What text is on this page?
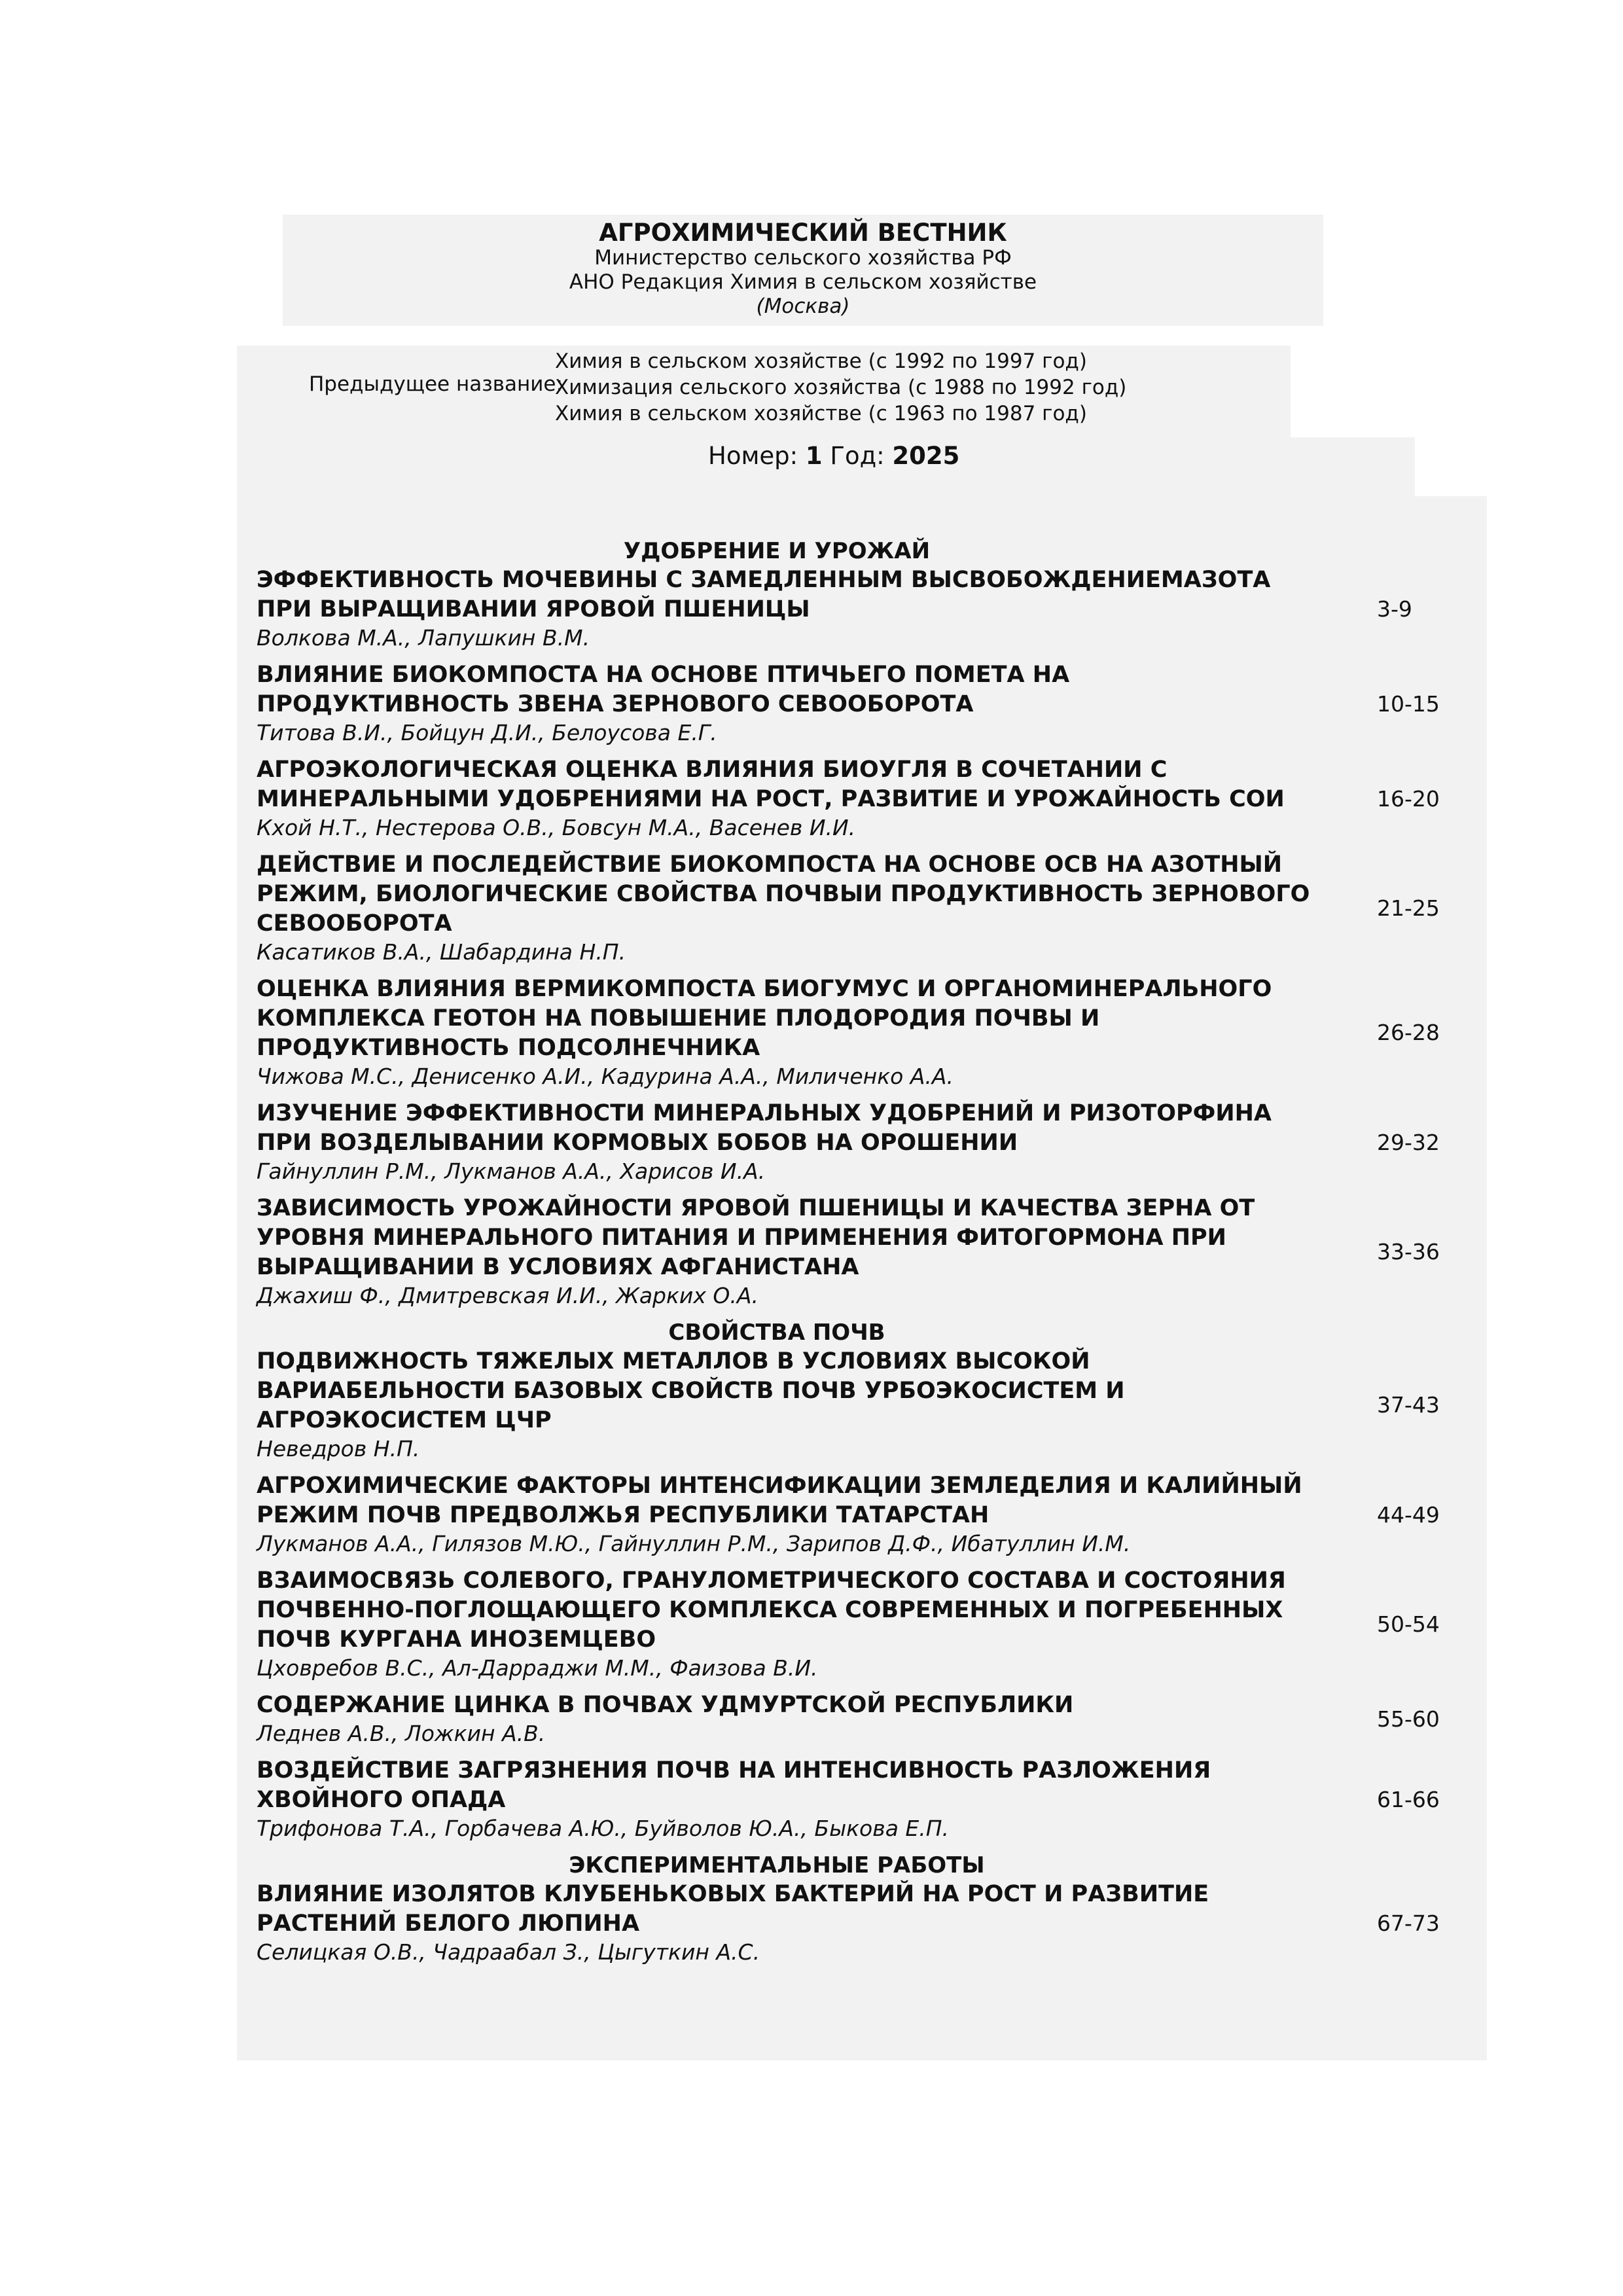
АГРОХИМИЧЕСКИЙ ВЕСТНИК
Министерство сельского хозяйства РФ
АНО Редакция Химия в сельском хозяйстве
(Москва)
Предыдущее название:
Химия в сельском хозяйстве (с 1992 по 1997 год)
Химизация сельского хозяйства (с 1988 по 1992 год)
Химия в сельском хозяйстве (с 1963 по 1987 год)
Номер: 1 Год: 2025
УДОБРЕНИЕ И УРОЖАЙ
ЭФФЕКТИВНОСТЬ МОЧЕВИНЫ С ЗАМЕДЛЕННЫМ ВЫСВОБОЖДЕНИЕМАЗОТА ПРИ ВЫРАЩИВАНИИ ЯРОВОЙ ПШЕНИЦЫ
Волкова М.А., Лапушкин В.М.
3-9
ВЛИЯНИЕ БИОКОМПОСТА НА ОСНОВЕ ПТИЧЬЕГО ПОМЕТА НА ПРОДУКТИВНОСТЬ ЗВЕНА ЗЕРНОВОГО СЕВООБОРОТА
Титова В.И., Бойцун Д.И., Белоусова Е.Г.
10-15
АГРОЭКОЛОГИЧЕСКАЯ ОЦЕНКА ВЛИЯНИЯ БИОУГЛЯ В СОЧЕТАНИИ С МИНЕРАЛЬНЫМИ УДОБРЕНИЯМИ НА РОСТ, РАЗВИТИЕ И УРОЖАЙНОСТЬ СОИ
Кхой Н.Т., Нестерова О.В., Бовсун М.А., Васенев И.И.
16-20
ДЕЙСТВИЕ И ПОСЛЕДЕЙСТВИЕ БИОКОМПОСТА НА ОСНОВЕ ОСВ НА АЗОТНЫЙ РЕЖИМ, БИОЛОГИЧЕСКИЕ СВОЙСТВА ПОЧВЫИ ПРОДУКТИВНОСТЬ ЗЕРНОВОГО СЕВООБОРОТА
Касатиков В.А., Шабардина Н.П.
21-25
ОЦЕНКА ВЛИЯНИЯ ВЕРМИКОМПОСТА БИОГУМУС И ОРГАНОМИНЕРАЛЬНОГО КОМПЛЕКСА ГЕОТОН НА ПОВЫШЕНИЕ ПЛОДОРОДИЯ ПОЧВЫ И ПРОДУКТИВНОСТЬ ПОДСОЛНЕЧНИКА
Чижова М.С., Денисенко А.И., Кадурина А.А., Миличенко А.А.
26-28
ИЗУЧЕНИЕ ЭФФЕКТИВНОСТИ МИНЕРАЛЬНЫХ УДОБРЕНИЙ И РИЗОТОРФИНА ПРИ ВОЗДЕЛЫВАНИИ КОРМОВЫХ БОБОВ НА ОРОШЕНИИ
Гайнуллин Р.М., Лукманов А.А., Харисов И.А.
29-32
ЗАВИСИМОСТЬ УРОЖАЙНОСТИ ЯРОВОЙ ПШЕНИЦЫ И КАЧЕСТВА ЗЕРНА ОТ УРОВНЯ МИНЕРАЛЬНОГО ПИТАНИЯ И ПРИМЕНЕНИЯ ФИТОГОРМОНА ПРИ ВЫРАЩИВАНИИ В УСЛОВИЯХ АФГАНИСТАНА
Джахиш Ф., Дмитревская И.И., Жарких О.А.
33-36
СВОЙСТВА ПОЧВ
ПОДВИЖНОСТЬ ТЯЖЕЛЫХ МЕТАЛЛОВ В УСЛОВИЯХ ВЫСОКОЙ ВАРИАБЕЛЬНОСТИ БАЗОВЫХ СВОЙСТВ ПОЧВ УРБОЭКОСИСТЕМ И АГРОЭКОСИСТЕМ ЦЧР
Неведров Н.П.
37-43
АГРОХИМИЧЕСКИЕ ФАКТОРЫ ИНТЕНСИФИКАЦИИ ЗЕМЛЕДЕЛИЯ И КАЛИЙНЫЙ РЕЖИМ ПОЧВ ПРЕДВОЛЖЬЯ РЕСПУБЛИКИ ТАТАРСТАН
Лукманов А.А., Гилязов М.Ю., Гайнуллин Р.М., Зарипов Д.Ф., Ибатуллин И.М.
44-49
ВЗАИМОСВЯЗЬ СОЛЕВОГО, ГРАНУЛОМЕТРИЧЕСКОГО СОСТАВА И СОСТОЯНИЯ ПОЧВЕННО-ПОГЛОЩАЮЩЕГО КОМПЛЕКСА СОВРЕМЕННЫХ И ПОГРЕБЕННЫХ ПОЧВ КУРГАНА ИНОЗЕМЦЕВО
Цховребов В.С., Ал-Дарраджи М.М., Фаизова В.И.
50-54
СОДЕРЖАНИЕ ЦИНКА В ПОЧВАХ УДМУРТСКОЙ РЕСПУБЛИКИ
Леднев А.В., Ложкин А.В.
55-60
ВОЗДЕЙСТВИЕ ЗАГРЯЗНЕНИЯ ПОЧВ НА ИНТЕНСИВНОСТЬ РАЗЛОЖЕНИЯ ХВОЙНОГО ОПАДА
Трифонова Т.А., Горбачева А.Ю., Буйволов Ю.А., Быкова Е.П.
61-66
ЭКСПЕРИМЕНТАЛЬНЫЕ РАБОТЫ
ВЛИЯНИЕ ИЗОЛЯТОВ КЛУБЕНЬКОВЫХ БАКТЕРИЙ НА РОСТ И РАЗВИТИЕ РАСТЕНИЙ БЕЛОГО ЛЮПИНА
Селицкая О.В., Чадраабал З., Цыгуткин А.С.
67-73
